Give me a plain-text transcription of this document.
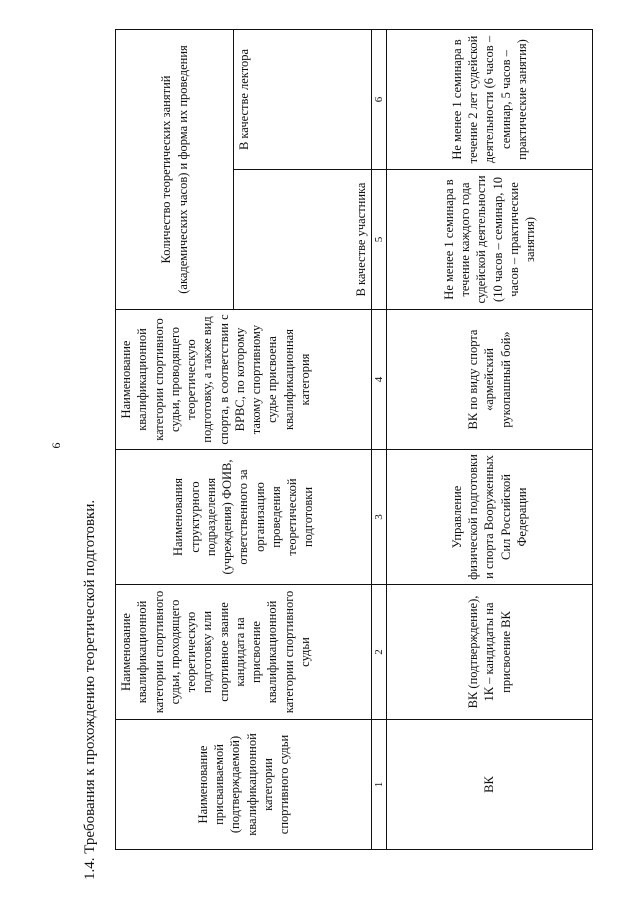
9
1.4. Требования к прохождению теоретической подготовки.	Наименование присваиваемой (подтверждаемой) квалификационной категории спортивного судьи	Наименование квалификационной категории спортивного судьи, проходящего теоретическую подготовку или спортивное звание кандидата на присвоение квалификационной категории спортивного судьи	Наименования структурного подразделения (учреждения) ФОИВ, ответственного за организацию проведения теоретической подготовки	Наименование квалификационной категории спортивного судьи, проводящего теоретическую подготовку, а также вид спорта, в соответствии с ВРВС, по которому такому спортивному судье присвоена квалификационная категория	Количество теоретических занятий (академических часов) и форма их проведения	

				В качестве участника	В качестве лектора

1	2	3	4	5	6
ВК	ВК (подтверждение), 1К – кандидаты на присвоение ВК	Управление физической подготовки и спорта Вооруженных Сил Российской Федерации	ВК по виду спорта «армейский рукопашный бой»	Не менее 1 семинара в течение каждого года судейской деятельности (10 часов – семинар, 10 часов – практические занятия)	Не менее 1 семинара в течение 2 лет судейской деятельности (6 часов – семинар, 5 часов – практические занятия)
